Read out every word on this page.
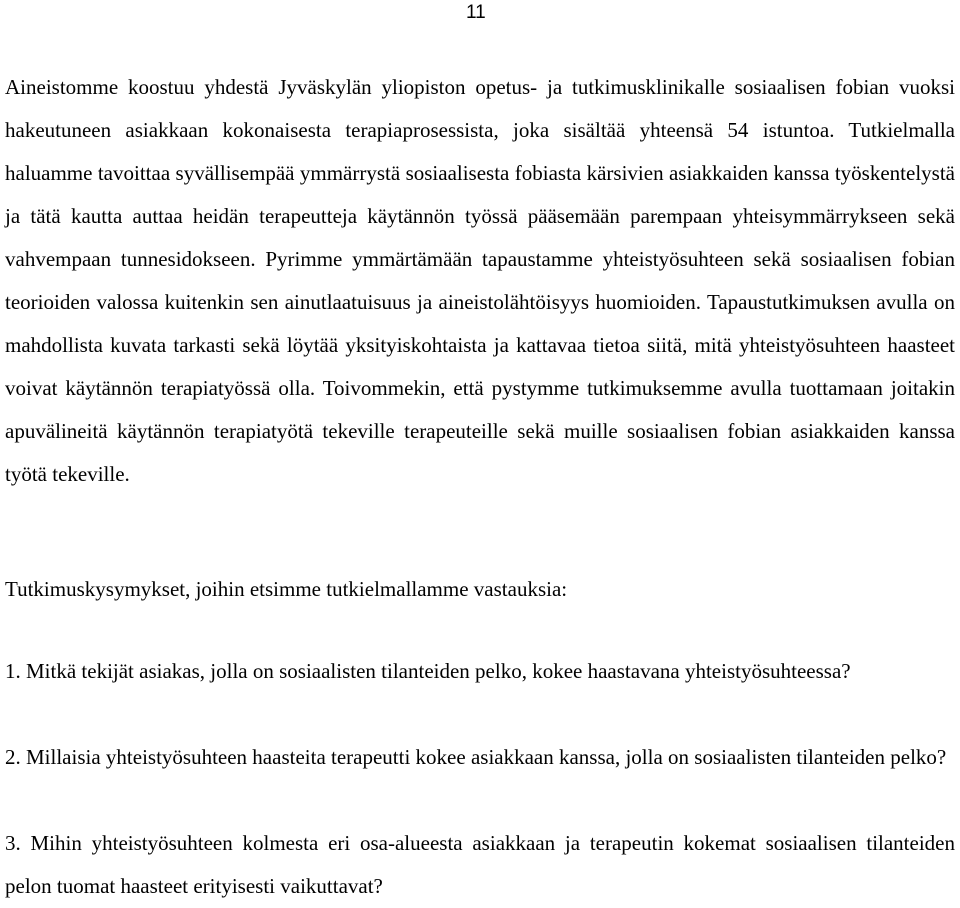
11

Aineistomme koostuu yhdestä Jyväskylän yliopiston opetus- ja tutkimusklinikalle sosiaalisen fobian vuoksi hakeutuneen asiakkaan kokonaisesta terapiaprosessista, joka sisältää yhteensä 54 istuntoa. Tutkielmalla haluamme tavoittaa syvällisempää ymmärrystä sosiaalisesta fobiasta kärsivien asiakkaiden kanssa työskentelystä ja tätä kautta auttaa heidän terapeutteja käytännön työssä pääsemään parempaan yhteisymmärrykseen sekä vahvempaan tunnesidokseen. Pyrimme ymmärtämään tapaustamme yhteistyösuhteen sekä sosiaalisen fobian teorioiden valossa kuitenkin sen ainutlaatuisuus ja aineistolähtöisyys huomioiden. Tapaustutkimuksen avulla on mahdollista kuvata tarkasti sekä löytää yksityiskohtaista ja kattavaa tietoa siitä, mitä yhteistyösuhteen haasteet voivat käytännön terapiatyössä olla. Toivommekin, että pystymme tutkimuksemme avulla tuottamaan joitakin apuvälineitä käytännön terapiatyötä tekeville terapeuteille sekä muille sosiaalisen fobian asiakkaiden kanssa työtä tekeville.

Tutkimuskysymykset, joihin etsimme tutkielmallamme vastauksia:

1. Mitkä tekijät asiakas, jolla on sosiaalisten tilanteiden pelko, kokee haastavana yhteistyösuhteessa?

2. Millaisia yhteistyösuhteen haasteita terapeutti kokee asiakkaan kanssa, jolla on sosiaalisten tilanteiden pelko?

3. Mihin yhteistyösuhteen kolmesta eri osa-alueesta asiakkaan ja terapeutin kokemat sosiaalisen tilanteiden pelon tuomat haasteet erityisesti vaikuttavat?
